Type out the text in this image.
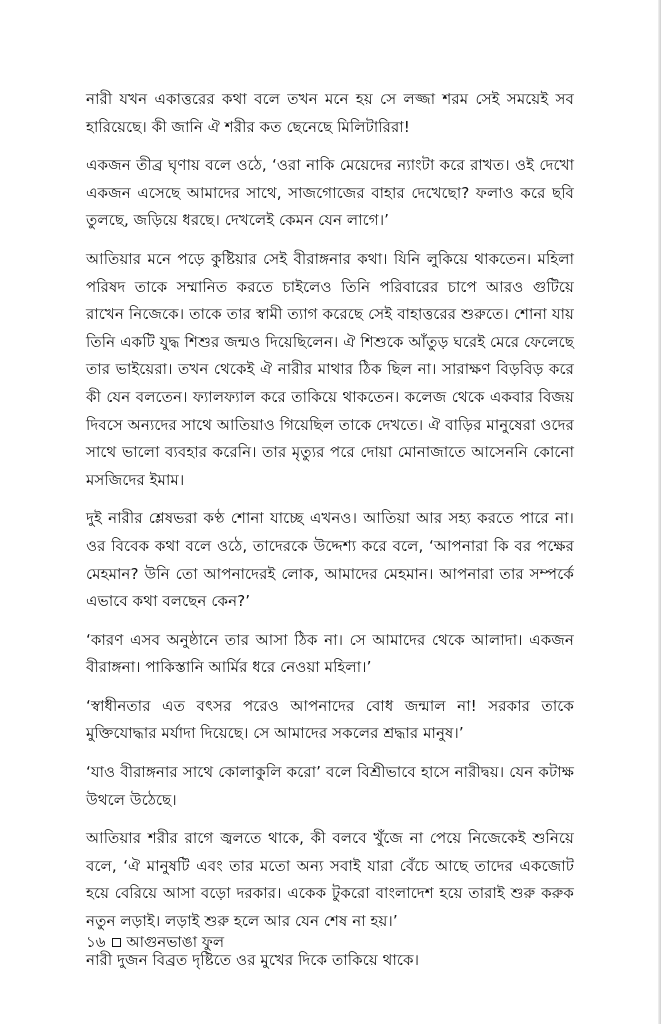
নারী যখন একাত্তরের কথা বলে তখন মনে হয় সে লজ্জা শরম সেই সময়েই সব হারিয়েছে। কী জানি ঐ শরীর কত ছেনেছে মিলিটারিরা!

একজন তীব্র ঘৃণায় বলে ওঠে, ‘ওরা নাকি মেয়েদের ন্যাংটা করে রাখত। ওই দেখো একজন এসেছে আমাদের সাথে, সাজগোজের বাহার দেখেছো? ফলাও করে ছবি তুলছে, জড়িয়ে ধরছে। দেখলেই কেমন যেন লাগে।’

আতিয়ার মনে পড়ে কুষ্টিয়ার সেই বীরাঙ্গনার কথা। যিনি লুকিয়ে থাকতেন। মহিলা পরিষদ তাকে সম্মানিত করতে চাইলেও তিনি পরিবারের চাপে আরও গুটিয়ে রাখেন নিজেকে। তাকে তার স্বামী ত্যাগ করেছে সেই বাহাত্তরের শুরুতে। শোনা যায় তিনি একটি যুদ্ধ শিশুর জন্মও দিয়েছিলেন। ঐ শিশুকে আঁতুড় ঘরেই মেরে ফেলেছে তার ভাইয়েরা। তখন থেকেই ঐ নারীর মাথার ঠিক ছিল না। সারাক্ষণ বিড়বিড় করে কী যেন বলতেন। ফ্যালফ্যাল করে তাকিয়ে থাকতেন। কলেজ থেকে একবার বিজয় দিবসে অন্যদের সাথে আতিয়াও গিয়েছিল তাকে দেখতে। ঐ বাড়ির মানুষেরা ওদের সাথে ভালো ব্যবহার করেনি। তার মৃত্যুর পরে দোয়া মোনাজাতে আসেননি কোনো মসজিদের ইমাম।

দুই নারীর শ্লেষভরা কণ্ঠ শোনা যাচ্ছে এখনও। আতিয়া আর সহ্য করতে পারে না। ওর বিবেক কথা বলে ওঠে, তাদেরকে উদ্দেশ্য করে বলে, ‘আপনারা কি বর পক্ষের মেহমান? উনি তো আপনাদেরই লোক, আমাদের মেহমান। আপনারা তার সম্পর্কে এভাবে কথা বলছেন কেন?’

‘কারণ এসব অনুষ্ঠানে তার আসা ঠিক না। সে আমাদের থেকে আলাদা। একজন বীরাঙ্গনা। পাকিস্তানি আর্মির ধরে নেওয়া মহিলা।’

‘স্বাধীনতার এত বৎসর পরেও আপনাদের বোধ জন্মাল না! সরকার তাকে মুক্তিযোদ্ধার মর্যাদা দিয়েছে। সে আমাদের সকলের শ্রদ্ধার মানুষ।’

‘যাও বীরাঙ্গনার সাথে কোলাকুলি করো’ বলে বিশ্রীভাবে হাসে নারীদ্বয়। যেন কটাক্ষ উথলে উঠেছে।

আতিয়ার শরীর রাগে জ্বলতে থাকে, কী বলবে খুঁজে না পেয়ে নিজেকেই শুনিয়ে বলে, ‘ঐ মানুষটি এবং তার মতো অন্য সবাই যারা বেঁচে আছে তাদের একজোট হয়ে বেরিয়ে আসা বড়ো দরকার। একেক টুকরো বাংলাদেশ হয়ে তারাই শুরু করুক নতুন লড়াই। লড়াই শুরু হলে আর যেন শেষ না হয়।’

নারী দুজন বিব্রত দৃষ্টিতে ওর মুখের দিকে তাকিয়ে থাকে।

১৬ আগুনভাঙা ফুল
